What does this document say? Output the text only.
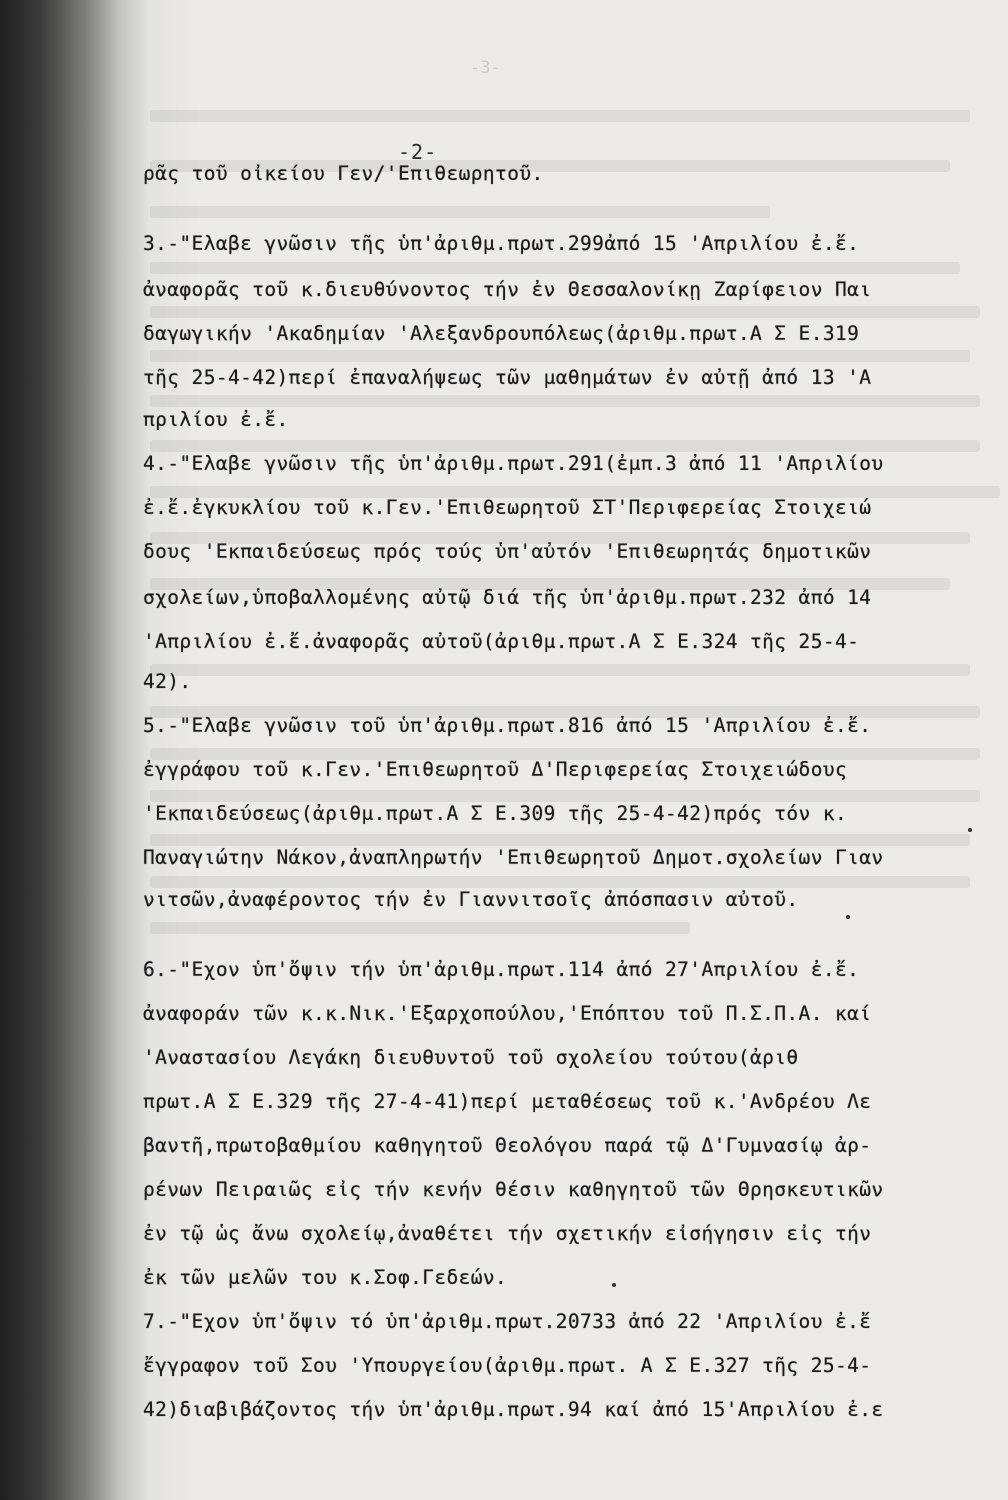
-3-
-2-
ρᾶς τοῦ οἰκείου Γεν/'Επιθεωρητοῦ.
3.-"Ελαβε γνῶσιν τῆς ὑπ'ἀριθμ.πρωτ.299ἀπό 15 'Απριλίου ἐ.ἔ.
ἀναφορᾶς τοῦ κ.διευθύνοντος τήν ἐν Θεσσαλονίκῃ Ζαρίφειον Παι
δαγωγικήν 'Ακαδημίαν 'Αλεξανδρουπόλεως(ἀριθμ.πρωτ.Α Σ Ε.319
τῆς 25-4-42)περί ἐπαναλήψεως τῶν μαθημάτων ἐν αὐτῇ ἀπό 13 'Α
πριλίου ἐ.ἔ.
4.-"Ελαβε γνῶσιν τῆς ὑπ'ἀριθμ.πρωτ.291(ἐμπ.3 ἀπό 11 'Απριλίου
ἐ.ἔ.ἐγκυκλίου τοῦ κ.Γεν.'Επιθεωρητοῦ ΣΤ'Περιφερείας Στοιχειώ
δους 'Εκπαιδεύσεως πρός τούς ὑπ'αὐτόν 'Επιθεωρητάς δημοτικῶν
σχολείων,ὑποβαλλομένης αὐτῷ διά τῆς ὑπ'ἀριθμ.πρωτ.232 ἀπό 14
'Απριλίου ἐ.ἔ.ἀναφορᾶς αὐτοῦ(ἀριθμ.πρωτ.Α Σ Ε.324 τῆς 25-4-
42).
5.-"Ελαβε γνῶσιν τοῦ ὑπ'ἀριθμ.πρωτ.816 ἀπό 15 'Απριλίου ἐ.ἔ.
ἐγγράφου τοῦ κ.Γεν.'Επιθεωρητοῦ Δ'Περιφερείας Στοιχειώδους
'Εκπαιδεύσεως(ἀριθμ.πρωτ.Α Σ Ε.309 τῆς 25-4-42)πρός τόν κ.
Παναγιώτην Νάκον,ἀναπληρωτήν 'Επιθεωρητοῦ Δημοτ.σχολείων Γιαν
νιτσῶν,ἀναφέροντος τήν ἐν Γιαννιτσοῖς ἀπόσπασιν αὐτοῦ.
6.-"Εχον ὑπ'ὄψιν τήν ὑπ'ἀριθμ.πρωτ.114 ἀπό 27'Απριλίου ἐ.ἔ.
ἀναφοράν τῶν κ.κ.Νικ.'Εξαρχοπούλου,'Επόπτου τοῦ Π.Σ.Π.Α. καί
'Αναστασίου Λεγάκη διευθυντοῦ τοῦ σχολείου τούτου(ἀριθ
πρωτ.Α Σ Ε.329 τῆς 27-4-41)περί μεταθέσεως τοῦ κ.'Ανδρέου Λε
βαντῆ,πρωτοβαθμίου καθηγητοῦ Θεολόγου παρά τῷ Δ'Γυμνασίῳ ἀρ-
ρένων Πειραιῶς εἰς τήν κενήν θέσιν καθηγητοῦ τῶν Θρησκευτικῶν
ἐν τῷ ὡς ἄνω σχολείῳ,ἀναθέτει τήν σχετικήν εἰσήγησιν εἰς τήν
ἐκ τῶν μελῶν του κ.Σοφ.Γεδεών.
7.-"Εχον ὑπ'ὄψιν τό ὑπ'ἀριθμ.πρωτ.20733 ἀπό 22 'Απριλίου ἐ.ἔ
ἔγγραφον τοῦ Σου 'Υπουργείου(ἀριθμ.πρωτ. Α Σ Ε.327 τῆς 25-4-
42)διαβιβάζοντος τήν ὑπ'ἀριθμ.πρωτ.94 καί ἀπό 15'Απριλίου ἐ.ε
